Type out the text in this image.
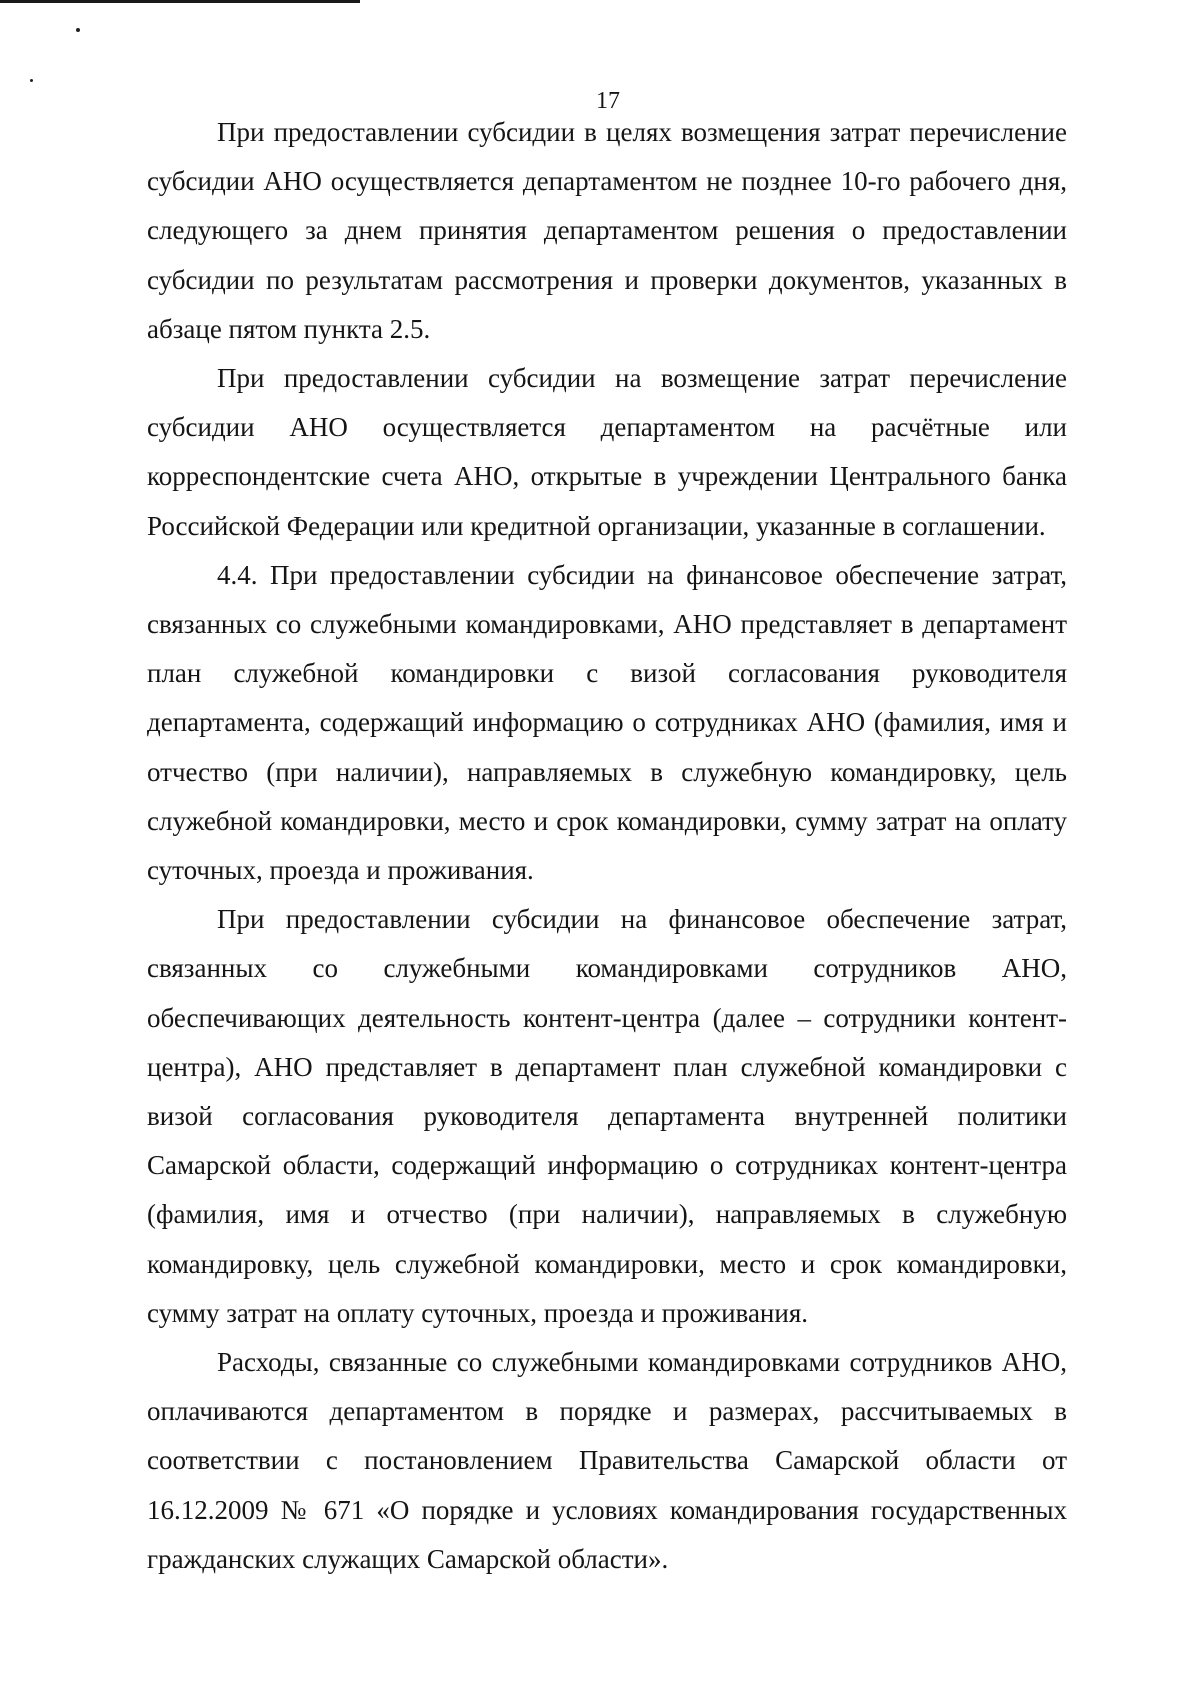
17

При предоставлении субсидии в целях возмещения затрат перечисление субсидии АНО осуществляется департаментом не позднее 10-го рабочего дня, следующего за днем принятия департаментом решения о предоставлении субсидии по результатам рассмотрения и проверки документов, указанных в абзаце пятом пункта 2.5.

При предоставлении субсидии на возмещение затрат перечисление субсидии АНО осуществляется департаментом на расчётные или корреспондентские счета АНО, открытые в учреждении Центрального банка Российской Федерации или кредитной организации, указанные в соглашении.

4.4. При предоставлении субсидии на финансовое обеспечение затрат, связанных со служебными командировками, АНО представляет в департамент план служебной командировки с визой согласования руководителя департамента, содержащий информацию о сотрудниках АНО (фамилия, имя и отчество (при наличии), направляемых в служебную командировку, цель служебной командировки, место и срок командировки, сумму затрат на оплату суточных, проезда и проживания.

При предоставлении субсидии на финансовое обеспечение затрат, связанных со служебными командировками сотрудников АНО, обеспечивающих деятельность контент-центра (далее – сотрудники контент-центра), АНО представляет в департамент план служебной командировки с визой согласования руководителя департамента внутренней политики Самарской области, содержащий информацию о сотрудниках контент-центра (фамилия, имя и отчество (при наличии), направляемых в служебную командировку, цель служебной командировки, место и срок командировки, сумму затрат на оплату суточных, проезда и проживания.

Расходы, связанные со служебными командировками сотрудников АНО, оплачиваются департаментом в порядке и размерах, рассчитываемых в соответствии с постановлением Правительства Самарской области от 16.12.2009 № 671 «О порядке и условиях командирования государственных гражданских служащих Самарской области».
